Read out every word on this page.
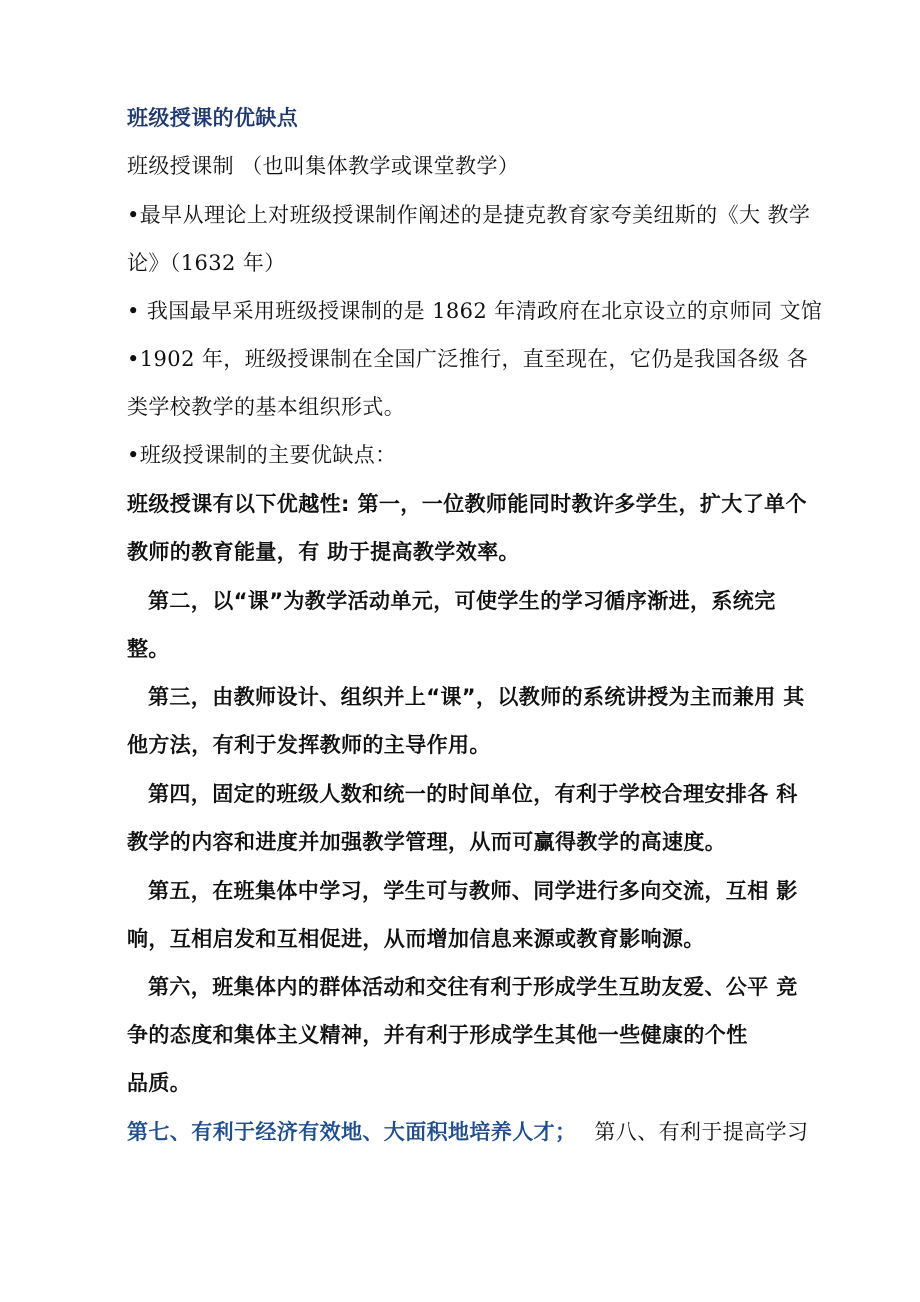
班级授课的优缺点
班级授课制 （也叫集体教学或课堂教学）
•最早从理论上对班级授课制作阐述的是捷克教育家夸美纽斯的《大 教学
论》（1632 年）
• 我国最早采用班级授课制的是 1862 年清政府在北京设立的京师同 文馆
•1902 年，班级授课制在全国广泛推行，直至现在，它仍是我国各级 各
类学校教学的基本组织形式。
•班级授课制的主要优缺点：
班级授课有以下优越性: 第一，一位教师能同时教许多学生，扩大了单个
教师的教育能量，有 助于提高教学效率。
第二，以“课”为教学活动单元，可使学生的学习循序渐进，系统完
整。
第三，由教师设计、组织并上“课”，以教师的系统讲授为主而兼用 其
他方法，有利于发挥教师的主导作用。
第四，固定的班级人数和统一的时间单位，有利于学校合理安排各 科
教学的内容和进度并加强教学管理，从而可赢得教学的高速度。
第五，在班集体中学习，学生可与教师、同学进行多向交流，互相 影
响，互相启发和互相促进，从而增加信息来源或教育影响源。
第六，班集体内的群体活动和交往有利于形成学生互助友爱、公平 竞
争的态度和集体主义精神，并有利于形成学生其他一些健康的个性
品质。
第七、有利于经济有效地、大面积地培养人才； 第八、有利于提高学习
